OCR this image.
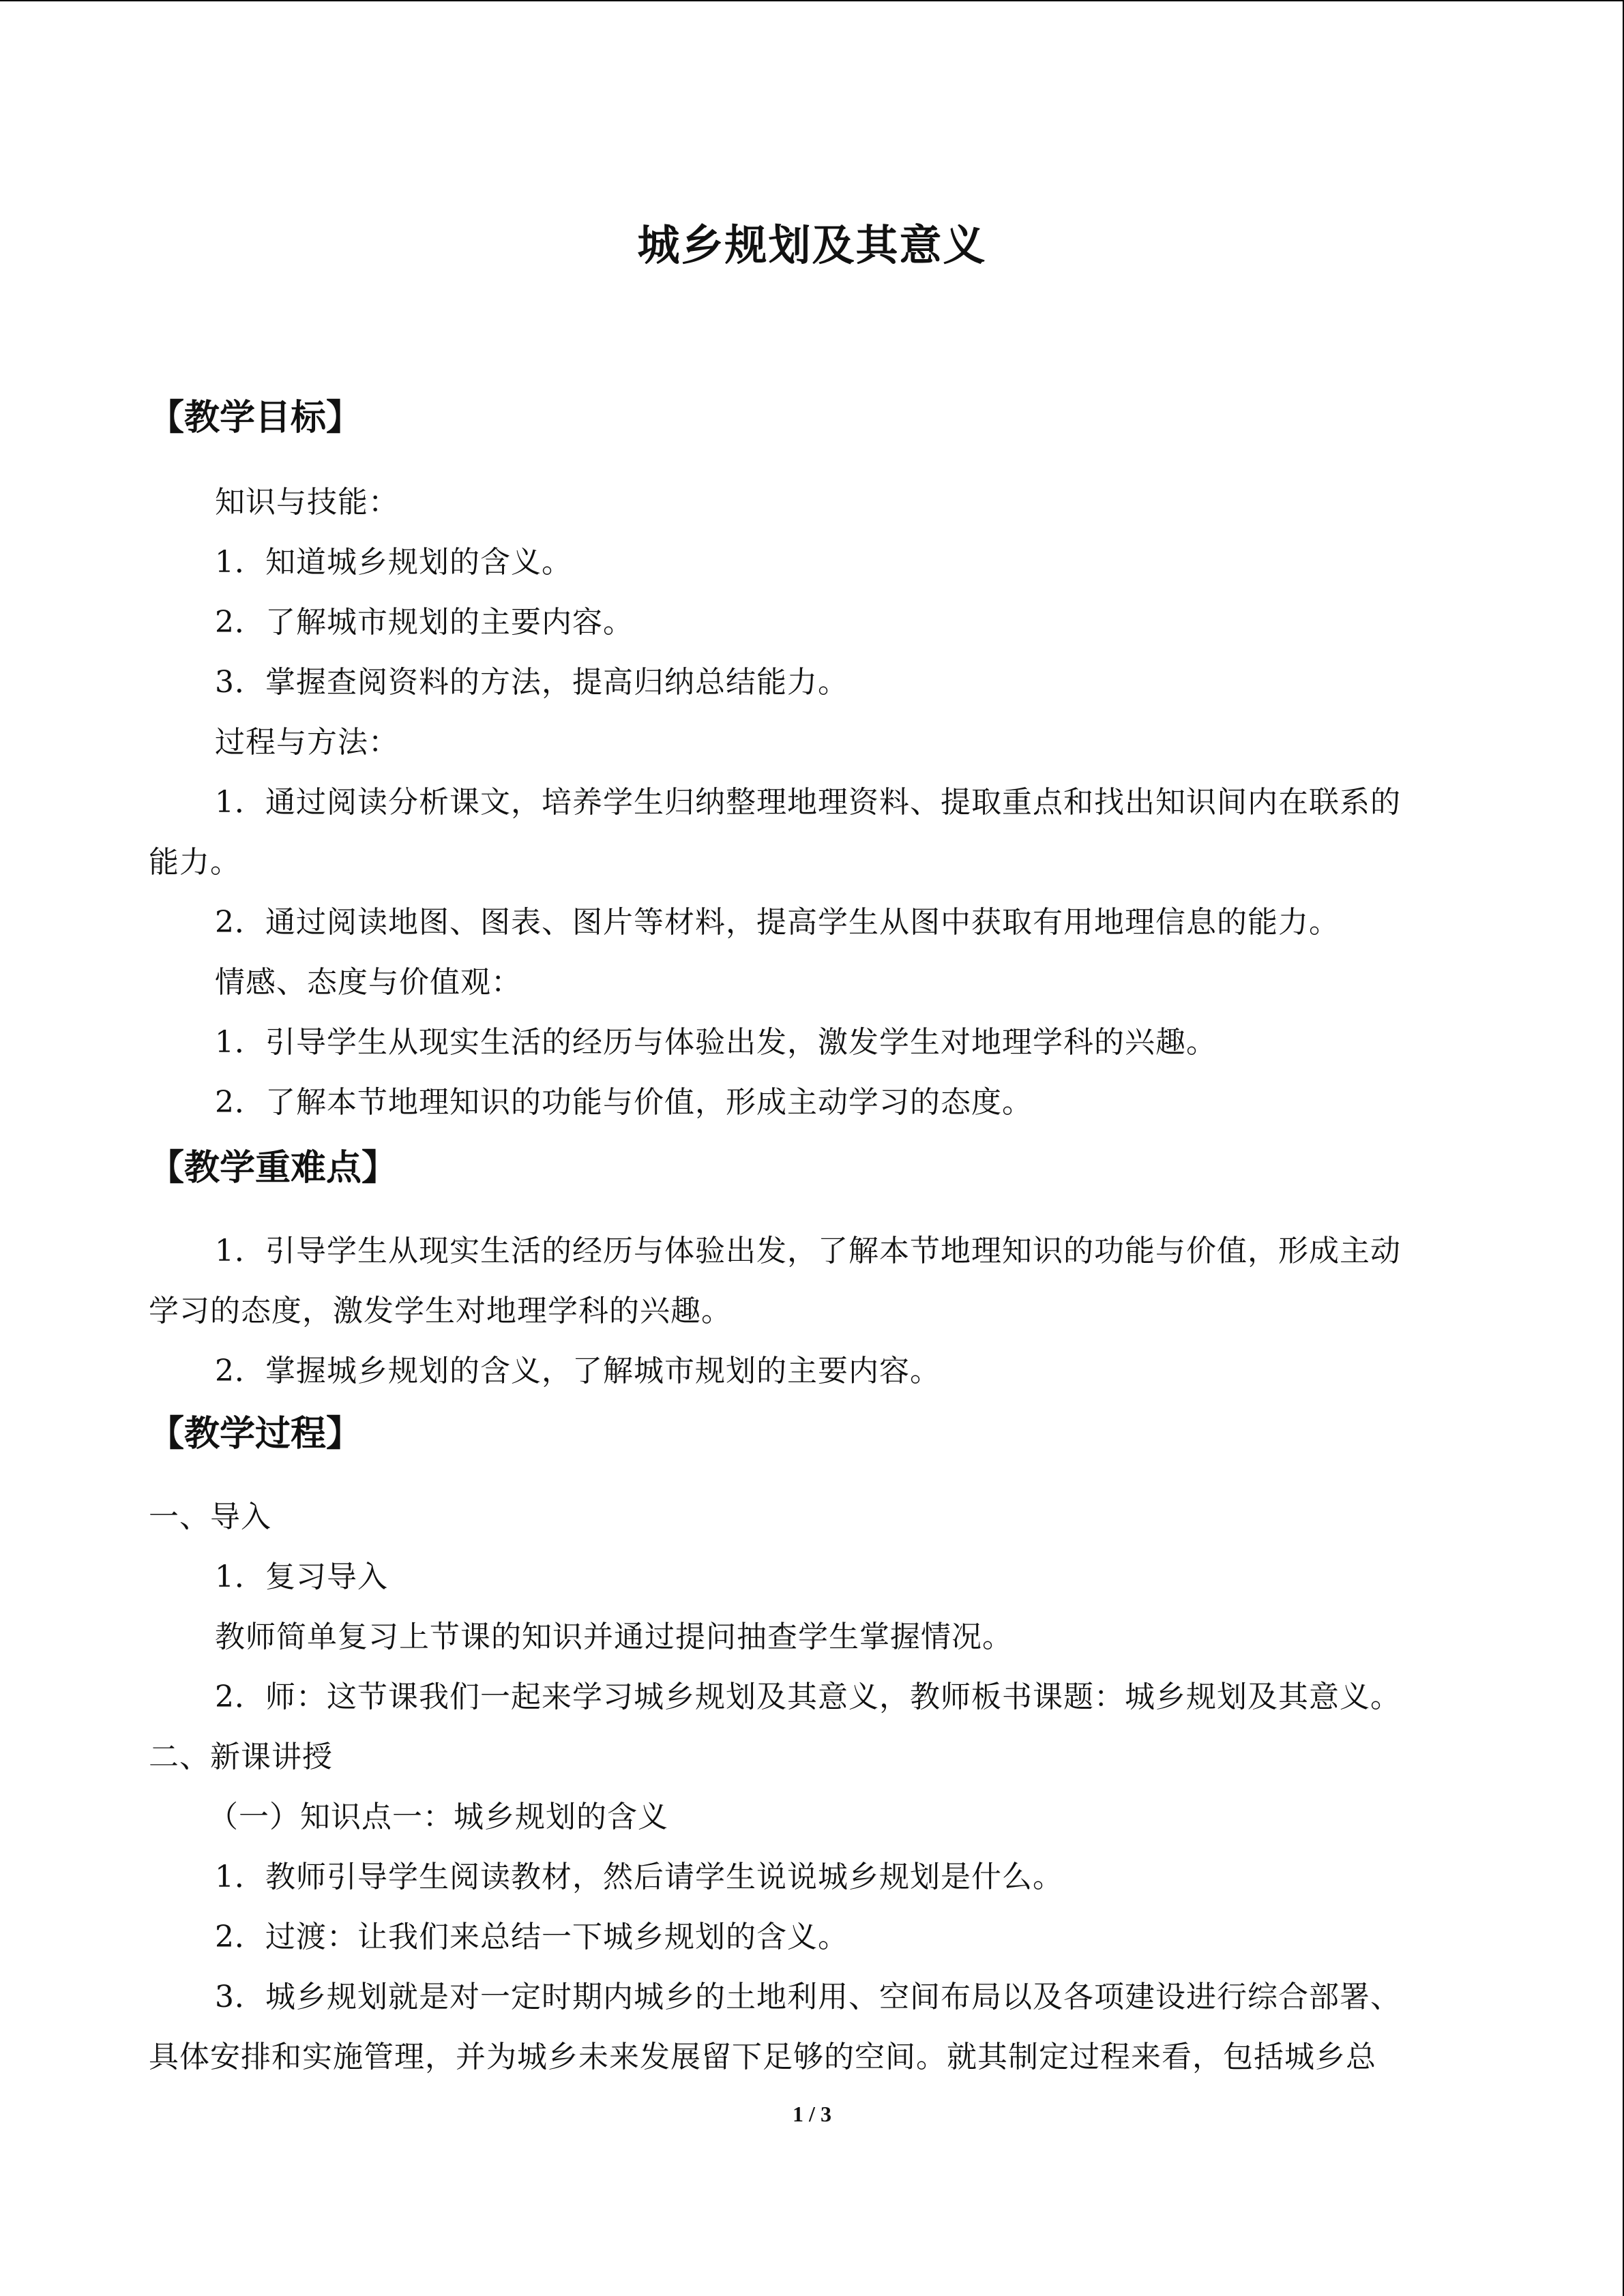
城乡规划及其意义
【教学目标】
知识与技能：
1．知道城乡规划的含义。
2．了解城市规划的主要内容。
3．掌握查阅资料的方法，提高归纳总结能力。
过程与方法：
1．通过阅读分析课文，培养学生归纳整理地理资料、提取重点和找出知识间内在联系的
能力。
2．通过阅读地图、图表、图片等材料，提高学生从图中获取有用地理信息的能力。
情感、态度与价值观：
1．引导学生从现实生活的经历与体验出发，激发学生对地理学科的兴趣。
2．了解本节地理知识的功能与价值，形成主动学习的态度。
【教学重难点】
1．引导学生从现实生活的经历与体验出发，了解本节地理知识的功能与价值，形成主动
学习的态度，激发学生对地理学科的兴趣。
2．掌握城乡规划的含义，了解城市规划的主要内容。
【教学过程】
一、导入
1．复习导入
教师简单复习上节课的知识并通过提问抽查学生掌握情况。
2．师：这节课我们一起来学习城乡规划及其意义，教师板书课题：城乡规划及其意义。
二、新课讲授
（一）知识点一：城乡规划的含义
1．教师引导学生阅读教材，然后请学生说说城乡规划是什么。
2．过渡：让我们来总结一下城乡规划的含义。
3．城乡规划就是对一定时期内城乡的土地利用、空间布局以及各项建设进行综合部署、
具体安排和实施管理，并为城乡未来发展留下足够的空间。就其制定过程来看，包括城乡总
1 / 3
